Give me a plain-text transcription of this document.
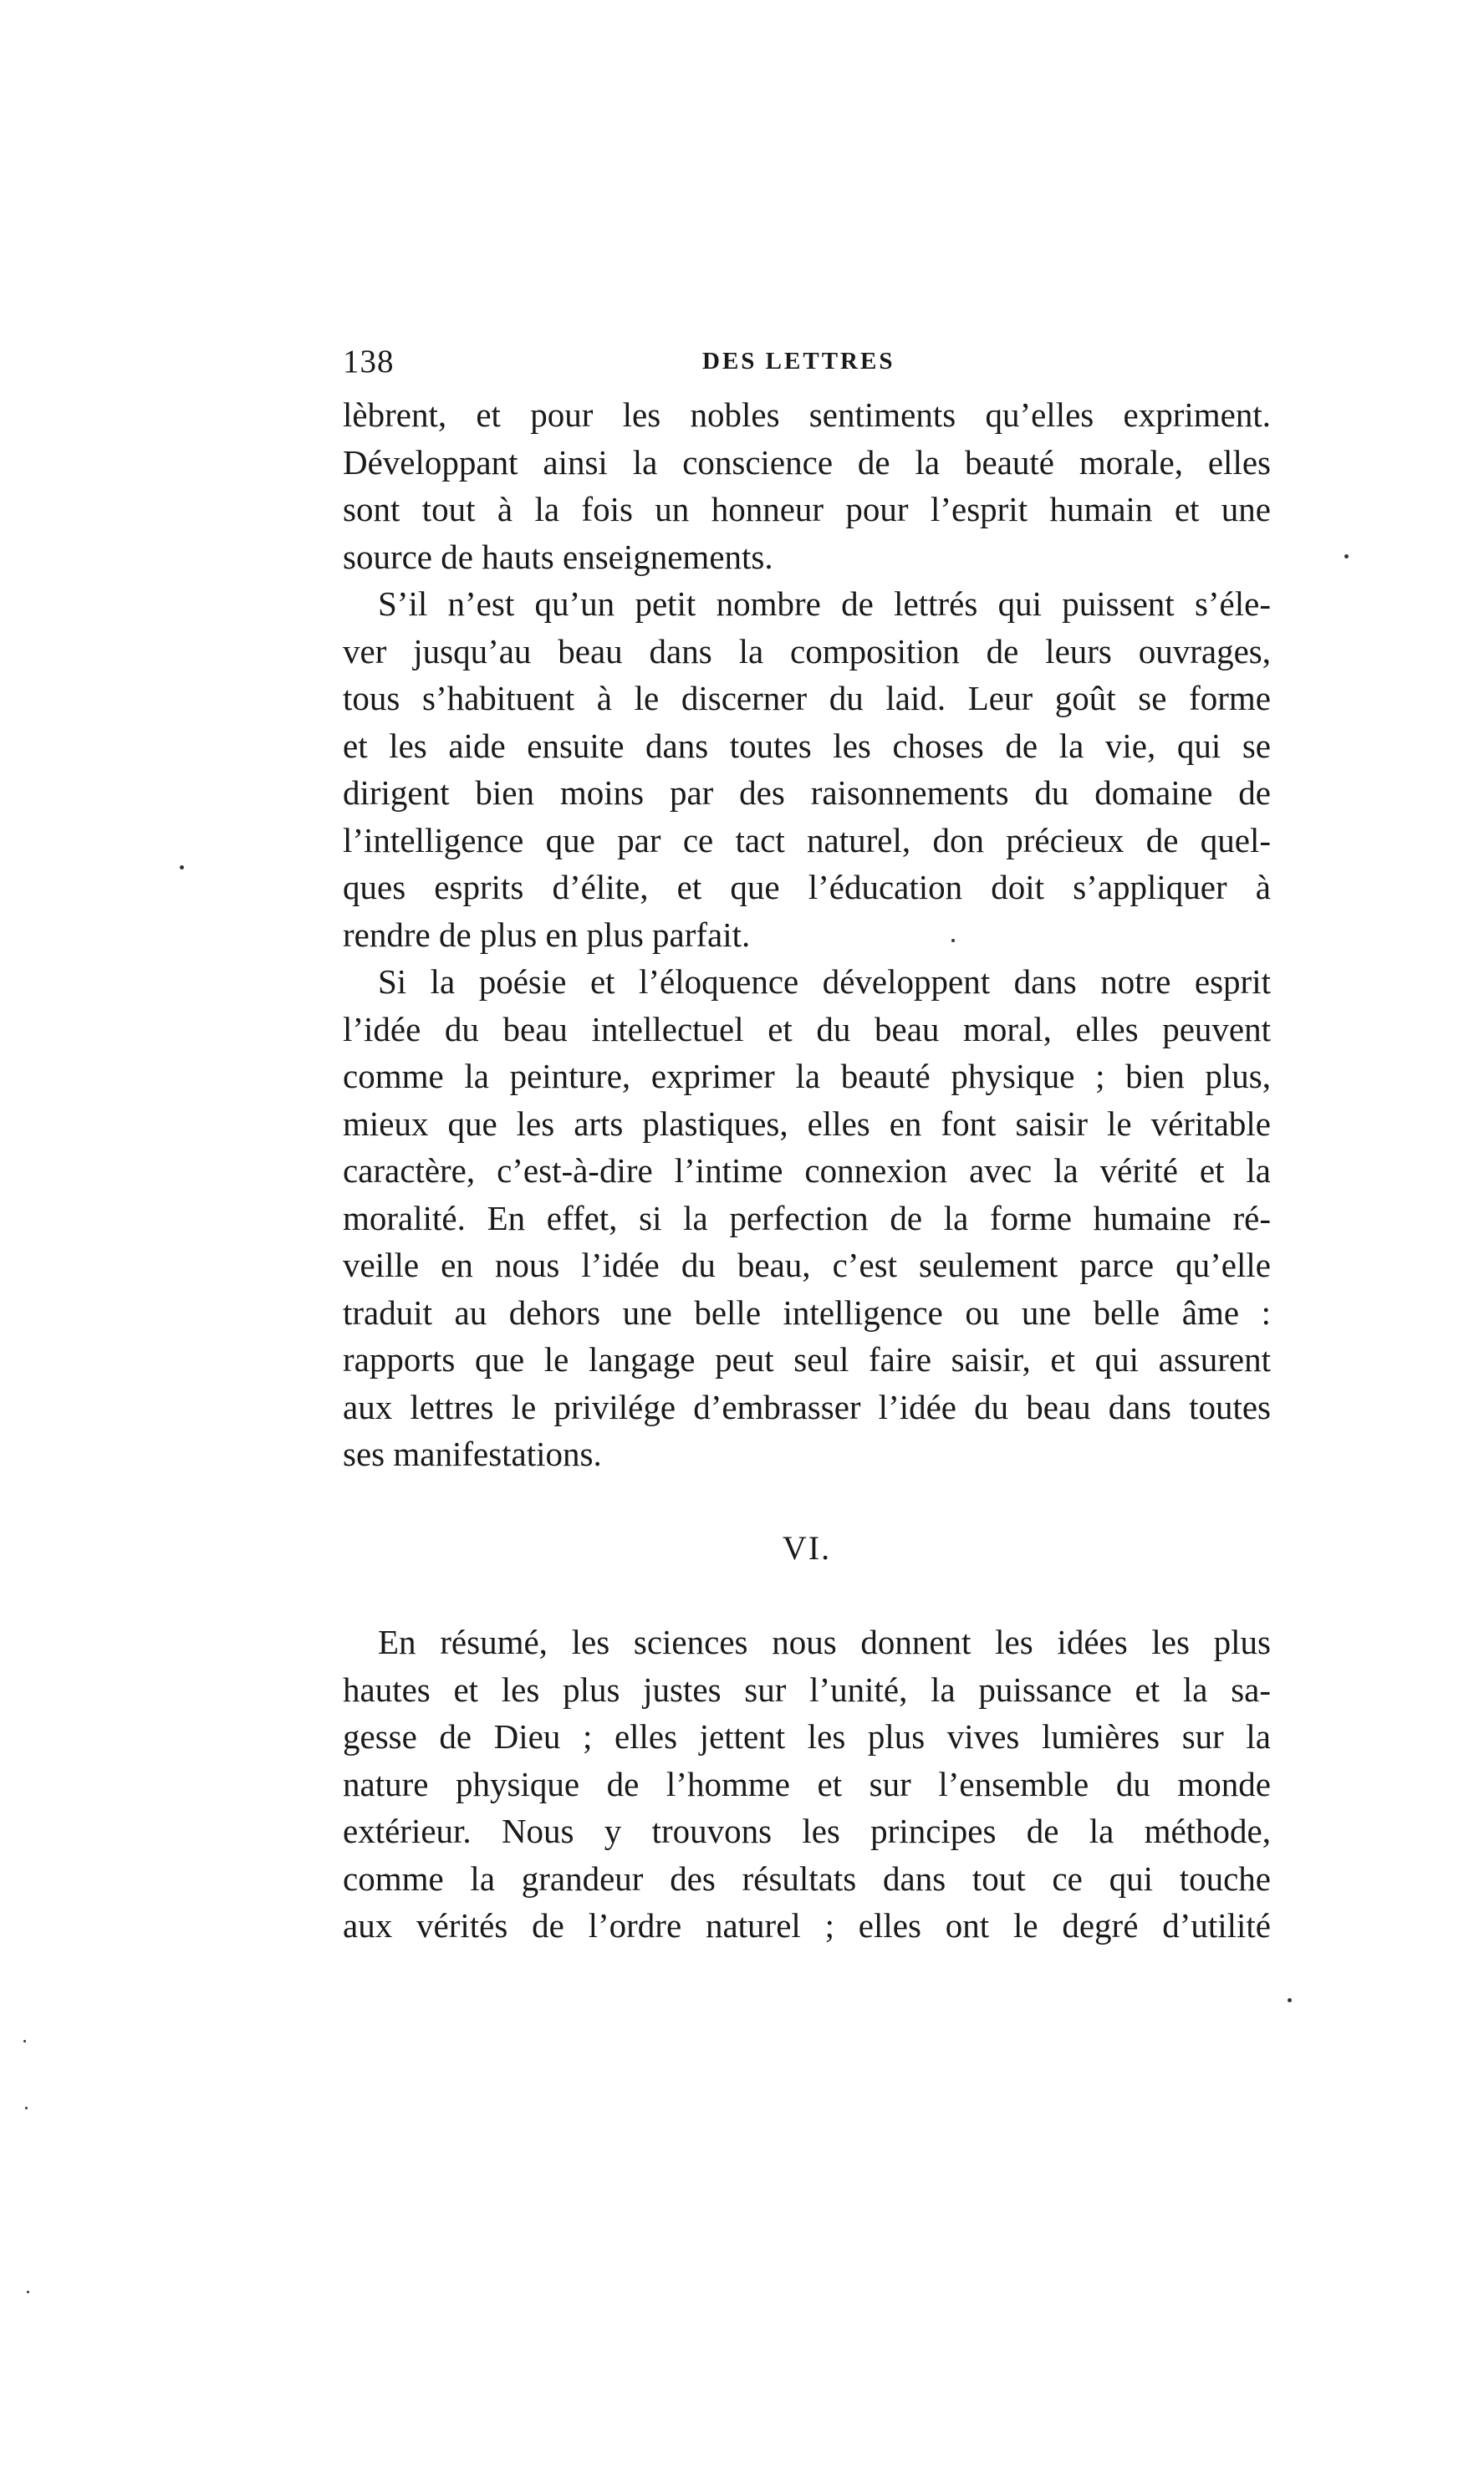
138	DES LETTRES
lèbrent, et pour les nobles sentiments qu’elles expriment.
Développant ainsi la conscience de la beauté morale, elles
sont tout à la fois un honneur pour l’esprit humain et une
source de hauts enseignements.
S’il n’est qu’un petit nombre de lettrés qui puissent s’éle-
ver jusqu’au beau dans la composition de leurs ouvrages,
tous s’habituent à le discerner du laid. Leur goût se forme
et les aide ensuite dans toutes les choses de la vie, qui se
dirigent bien moins par des raisonnements du domaine de
l’intelligence que par ce tact naturel, don précieux de quel-
ques esprits d’élite, et que l’éducation doit s’appliquer à
rendre de plus en plus parfait.
Si la poésie et l’éloquence développent dans notre esprit
l’idée du beau intellectuel et du beau moral, elles peuvent
comme la peinture, exprimer la beauté physique ; bien plus,
mieux que les arts plastiques, elles en font saisir le véritable
caractère, c’est-à-dire l’intime connexion avec la vérité et la
moralité. En effet, si la perfection de la forme humaine ré-
veille en nous l’idée du beau, c’est seulement parce qu’elle
traduit au dehors une belle intelligence ou une belle âme :
rapports que le langage peut seul faire saisir, et qui assurent
aux lettres le privilége d’embrasser l’idée du beau dans toutes
ses manifestations.
VI.
En résumé, les sciences nous donnent les idées les plus
hautes et les plus justes sur l’unité, la puissance et la sa-
gesse de Dieu ; elles jettent les plus vives lumières sur la
nature physique de l’homme et sur l’ensemble du monde
extérieur. Nous y trouvons les principes de la méthode,
comme la grandeur des résultats dans tout ce qui touche
aux vérités de l’ordre naturel ; elles ont le degré d’utilité
